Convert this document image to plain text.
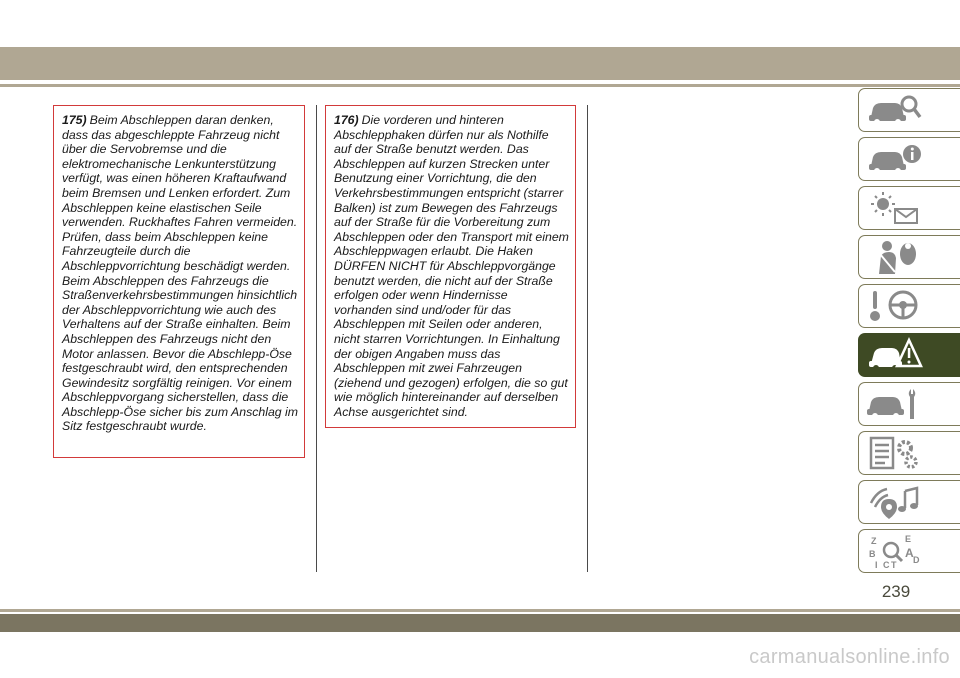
175) Beim Abschleppen daran denken, dass das abgeschleppte Fahrzeug nicht über die Servobremse und die elektromechanische Lenkunterstützung verfügt, was einen höheren Kraftaufwand beim Bremsen und Lenken erfordert. Zum Abschleppen keine elastischen Seile verwenden. Ruckhaftes Fahren vermeiden. Prüfen, dass beim Abschleppen keine Fahrzeugteile durch die Abschleppvorrichtung beschädigt werden. Beim Abschleppen des Fahrzeugs die Straßenverkehrsbestimmungen hinsichtlich der Abschleppvorrichtung wie auch des Verhaltens auf der Straße einhalten. Beim Abschleppen des Fahrzeugs nicht den Motor anlassen. Bevor die Abschlepp-Öse festgeschraubt wird, den entsprechenden Gewindesitz sorgfältig reinigen. Vor einem Abschleppvorgang sicherstellen, dass die Abschlepp-Öse sicher bis zum Anschlag im Sitz festgeschraubt wurde.
176) Die vorderen und hinteren Abschlepphaken dürfen nur als Nothilfe auf der Straße benutzt werden. Das Abschleppen auf kurzen Strecken unter Benutzung einer Vorrichtung, die den Verkehrsbestimmungen entspricht (starrer Balken) ist zum Bewegen des Fahrzeugs auf der Straße für die Vorbereitung zum Abschleppen oder den Transport mit einem Abschleppwagen erlaubt. Die Haken DÜRFEN NICHT für Abschleppvorgänge benutzt werden, die nicht auf der Straße erfolgen oder wenn Hindernisse vorhanden sind und/oder für das Abschleppen mit Seilen oder anderen, nicht starren Vorrichtungen. In Einhaltung der obigen Angaben muss das Abschleppen mit zwei Fahrzeugen (ziehend und gezogen) erfolgen, die so gut wie möglich hintereinander auf derselben Achse ausgerichtet sind.
Z	E
B A
I C T D
239
carmanualsonline.info
